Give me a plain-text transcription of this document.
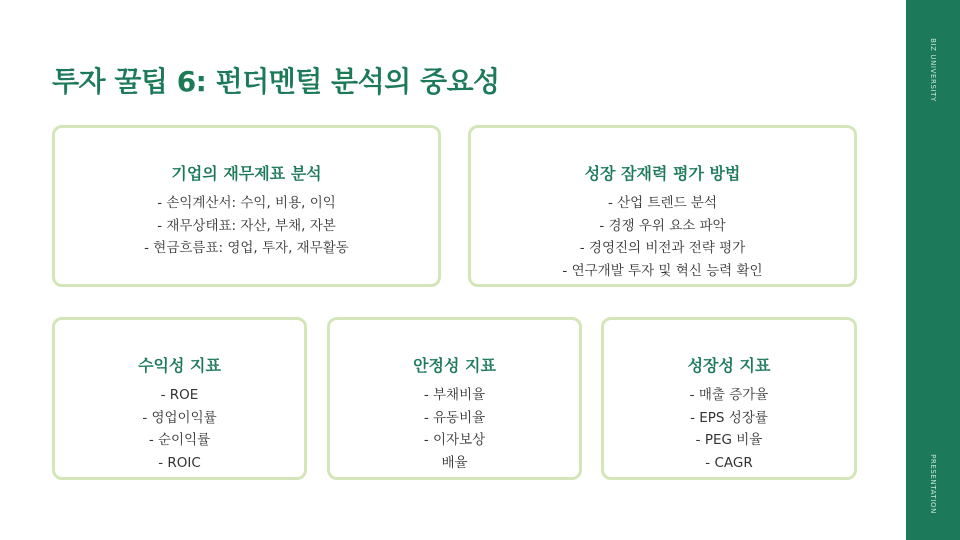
투자 꿀팁 6: 펀더멘털 분석의 중요성
기업의 재무제표 분석
- 손익계산서: 수익, 비용, 이익
- 재무상태표: 자산, 부채, 자본
- 현금흐름표: 영업, 투자, 재무활동
성장 잠재력 평가 방법
- 산업 트렌드 분석
- 경쟁 우위 요소 파악
- 경영진의 비전과 전략 평가
- 연구개발 투자 및 혁신 능력 확인
수익성 지표
- ROE
- 영업이익률
- 순이익률
- ROIC
안정성 지표
- 부채비율
- 유동비율
- 이자보상
배율
성장성 지표
- 매출 증가율
- EPS 성장률
- PEG 비율
- CAGR
BIZ UNIVERSITY
PRESENTATION
